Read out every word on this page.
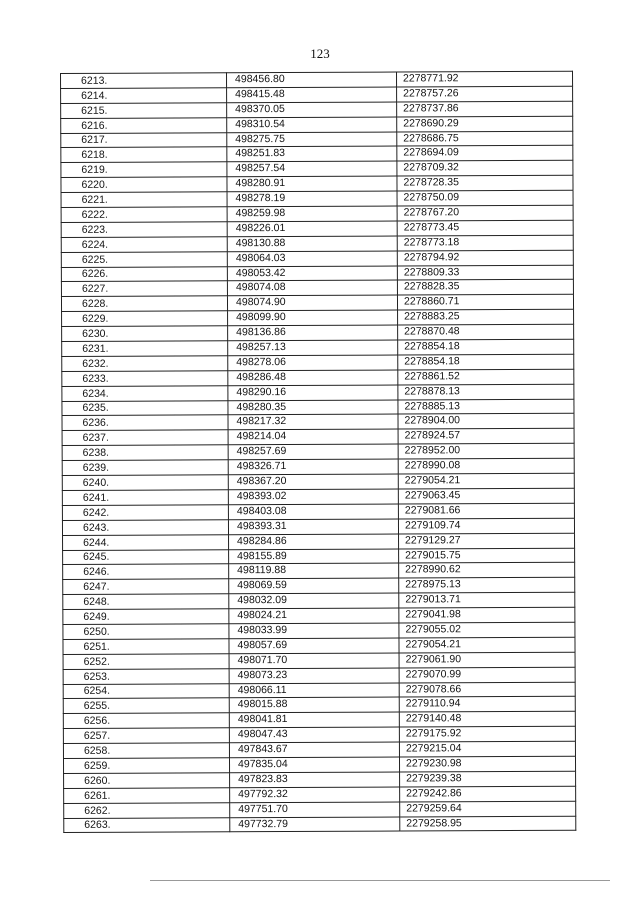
123
6213.	498456.80	2278771.92
6214.	498415.48	2278757.26
6215.	498370.05	2278737.86
6216.	498310.54	2278690.29
6217.	498275.75	2278686.75
6218.	498251.83	2278694.09
6219.	498257.54	2278709.32
6220.	498280.91	2278728.35
6221.	498278.19	2278750.09
6222.	498259.98	2278767.20
6223.	498226.01	2278773.45
6224.	498130.88	2278773.18
6225.	498064.03	2278794.92
6226.	498053.42	2278809.33
6227.	498074.08	2278828.35
6228.	498074.90	2278860.71
6229.	498099.90	2278883.25
6230.	498136.86	2278870.48
6231.	498257.13	2278854.18
6232.	498278.06	2278854.18
6233.	498286.48	2278861.52
6234.	498290.16	2278878.13
6235.	498280.35	2278885.13
6236.	498217.32	2278904.00
6237.	498214.04	2278924.57
6238.	498257.69	2278952.00
6239.	498326.71	2278990.08
6240.	498367.20	2279054.21
6241.	498393.02	2279063.45
6242.	498403.08	2279081.66
6243.	498393.31	2279109.74
6244.	498284.86	2279129.27
6245.	498155.89	2279015.75
6246.	498119.88	2278990.62
6247.	498069.59	2278975.13
6248.	498032.09	2279013.71
6249.	498024.21	2279041.98
6250.	498033.99	2279055.02
6251.	498057.69	2279054.21
6252.	498071.70	2279061.90
6253.	498073.23	2279070.99
6254.	498066.11	2279078.66
6255.	498015.88	2279110.94
6256.	498041.81	2279140.48
6257.	498047.43	2279175.92
6258.	497843.67	2279215.04
6259.	497835.04	2279230.98
6260.	497823.83	2279239.38
6261.	497792.32	2279242.86
6262.	497751.70	2279259.64
6263.	497732.79	2279258.95
